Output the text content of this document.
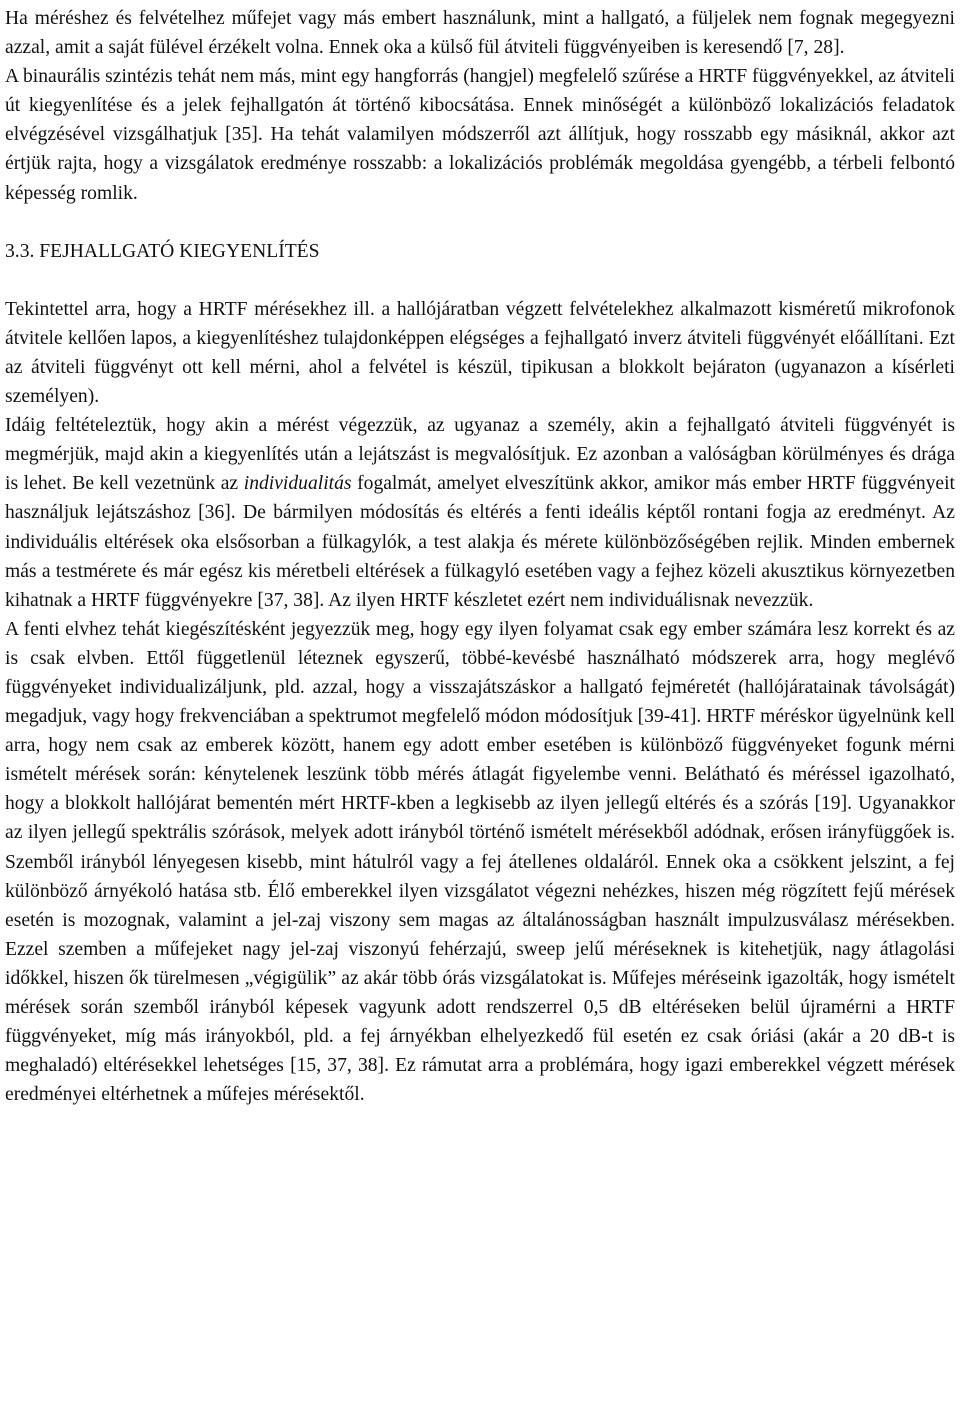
Ha méréshez és felvételhez műfejet vagy más embert használunk, mint a hallgató, a füljelek nem fognak megegyezni azzal, amit a saját fülével érzékelt volna. Ennek oka a külső fül átviteli függvényeiben is keresendő [7, 28].

A binaurális szintézis tehát nem más, mint egy hangforrás (hangjel) megfelelő szűrése a HRTF függvényekkel, az átviteli út kiegyenlítése és a jelek fejhallgatón át történő kibocsátása. Ennek minőségét a különböző lokalizációs feladatok elvégzésével vizsgálhatjuk [35]. Ha tehát valamilyen módszerről azt állítjuk, hogy rosszabb egy másiknál, akkor azt értjük rajta, hogy a vizsgálatok eredménye rosszabb: a lokalizációs problémák megoldása gyengébb, a térbeli felbontó képesség romlik.

3.3. FEJHALLGATÓ KIEGYENLÍTÉS

Tekintettel arra, hogy a HRTF mérésekhez ill. a hallójáratban végzett felvételekhez alkalmazott kisméretű mikrofonok átvitele kellően lapos, a kiegyenlítéshez tulajdonképpen elégséges a fejhallgató inverz átviteli függvényét előállítani. Ezt az átviteli függvényt ott kell mérni, ahol a felvétel is készül, tipikusan a blokkolt bejáraton (ugyanazon a kísérleti személyen).

Idáig feltételeztük, hogy akin a mérést végezzük, az ugyanaz a személy, akin a fejhallgató átviteli függvényét is megmérjük, majd akin a kiegyenlítés után a lejátszást is megvalósítjuk. Ez azonban a valóságban körülményes és drága is lehet. Be kell vezetnünk az individualitás fogalmát, amelyet elveszítünk akkor, amikor más ember HRTF függvényeit használjuk lejátszáshoz [36]. De bármilyen módosítás és eltérés a fenti ideális képtől rontani fogja az eredményt. Az individuális eltérések oka elsősorban a fülkagylók, a test alakja és mérete különbözőségében rejlik. Minden embernek más a testmérete és már egész kis méretbeli eltérések a fülkagyló esetében vagy a fejhez közeli akusztikus környezetben kihatnak a HRTF függvényekre [37, 38]. Az ilyen HRTF készletet ezért nem individuálisnak nevezzük.

A fenti elvhez tehát kiegészítésként jegyezzük meg, hogy egy ilyen folyamat csak egy ember számára lesz korrekt és az is csak elvben. Ettől függetlenül léteznek egyszerű, többé-kevésbé használható módszerek arra, hogy meglévő függvényeket individualizáljunk, pld. azzal, hogy a visszajátszáskor a hallgató fejméretét (hallójáratainak távolságát) megadjuk, vagy hogy frekvenciában a spektrumot megfelelő módon módosítjuk [39-41]. HRTF méréskor ügyelnünk kell arra, hogy nem csak az emberek között, hanem egy adott ember esetében is különböző függvényeket fogunk mérni ismételt mérések során: kénytelenek leszünk több mérés átlagát figyelembe venni. Belátható és méréssel igazolható, hogy a blokkolt hallójárat bementén mért HRTF-kben a legkisebb az ilyen jellegű eltérés és a szórás [19]. Ugyanakkor az ilyen jellegű spektrális szórások, melyek adott irányból történő ismételt mérésekből adódnak, erősen irányfüggőek is. Szemből irányból lényegesen kisebb, mint hátulról vagy a fej átellenes oldaláról. Ennek oka a csökkent jelszint, a fej különböző árnyékoló hatása stb. Élő emberekkel ilyen vizsgálatot végezni nehézkes, hiszen még rögzített fejű mérések esetén is mozognak, valamint a jel-zaj viszony sem magas az általánosságban használt impulzusválasz mérésekben. Ezzel szemben a műfejeket nagy jel-zaj viszonyú fehérzajú, sweep jelű méréseknek is kitehetjük, nagy átlagolási időkkel, hiszen ők türelmesen „végigülik” az akár több órás vizsgálatokat is. Műfejes méréseink igazolták, hogy ismételt mérések során szemből irányból képesek vagyunk adott rendszerrel 0,5 dB eltéréseken belül újramérni a HRTF függvényeket, míg más irányokból, pld. a fej árnyékban elhelyezkedő fül esetén ez csak óriási (akár a 20 dB-t is meghaladó) eltérésekkel lehetséges [15, 37, 38]. Ez rámutat arra a problémára, hogy igazi emberekkel végzett mérések eredményei eltérhetnek a műfejes mérésektől.
